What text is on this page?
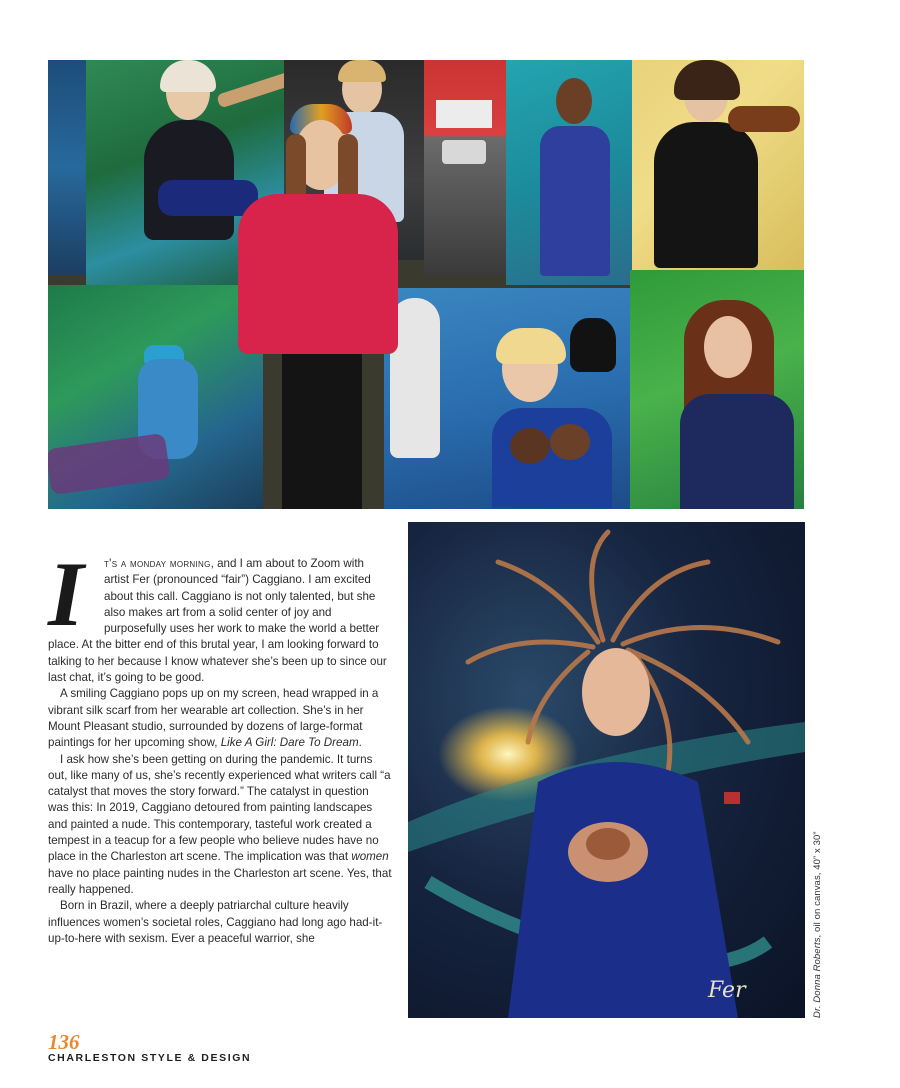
Fer	Dr. Donna Roberts, oil on canvas, 40” x 30”
I	t's a monday morning, and I am about to Zoom with artist Fer (pronounced “fair”) Caggiano. I am excited about this call. Caggiano is not only talented, but she also makes art from a solid center of joy and purposefully uses her work to make the world a better place. At the bitter end of this brutal year, I am looking forward to talking to her because I know whatever she’s been up to since our last chat, it’s going to be good.

A smiling Caggiano pops up on my screen, head wrapped in a vibrant silk scarf from her wearable art collection. She’s in her Mount Pleasant studio, surrounded by dozens of large-format paintings for her upcoming show, Like A Girl: Dare To Dream.

I ask how she’s been getting on during the pandemic. It turns out, like many of us, she’s recently experienced what writers call “a catalyst that moves the story forward.” The catalyst in question was this: In 2019, Caggiano detoured from painting landscapes and painted a nude. This contemporary, tasteful work created a tempest in a teacup for a few people who believe nudes have no place in the Charleston art scene. The implication was that women have no place painting nudes in the Charleston art scene. Yes, that really happened.

Born in Brazil, where a deeply patriarchal culture heavily influences women’s societal roles, Caggiano had long ago had-it-up-to-here with sexism. Ever a peaceful warrior, she

136
CHARLESTON STYLE & DESIGN
